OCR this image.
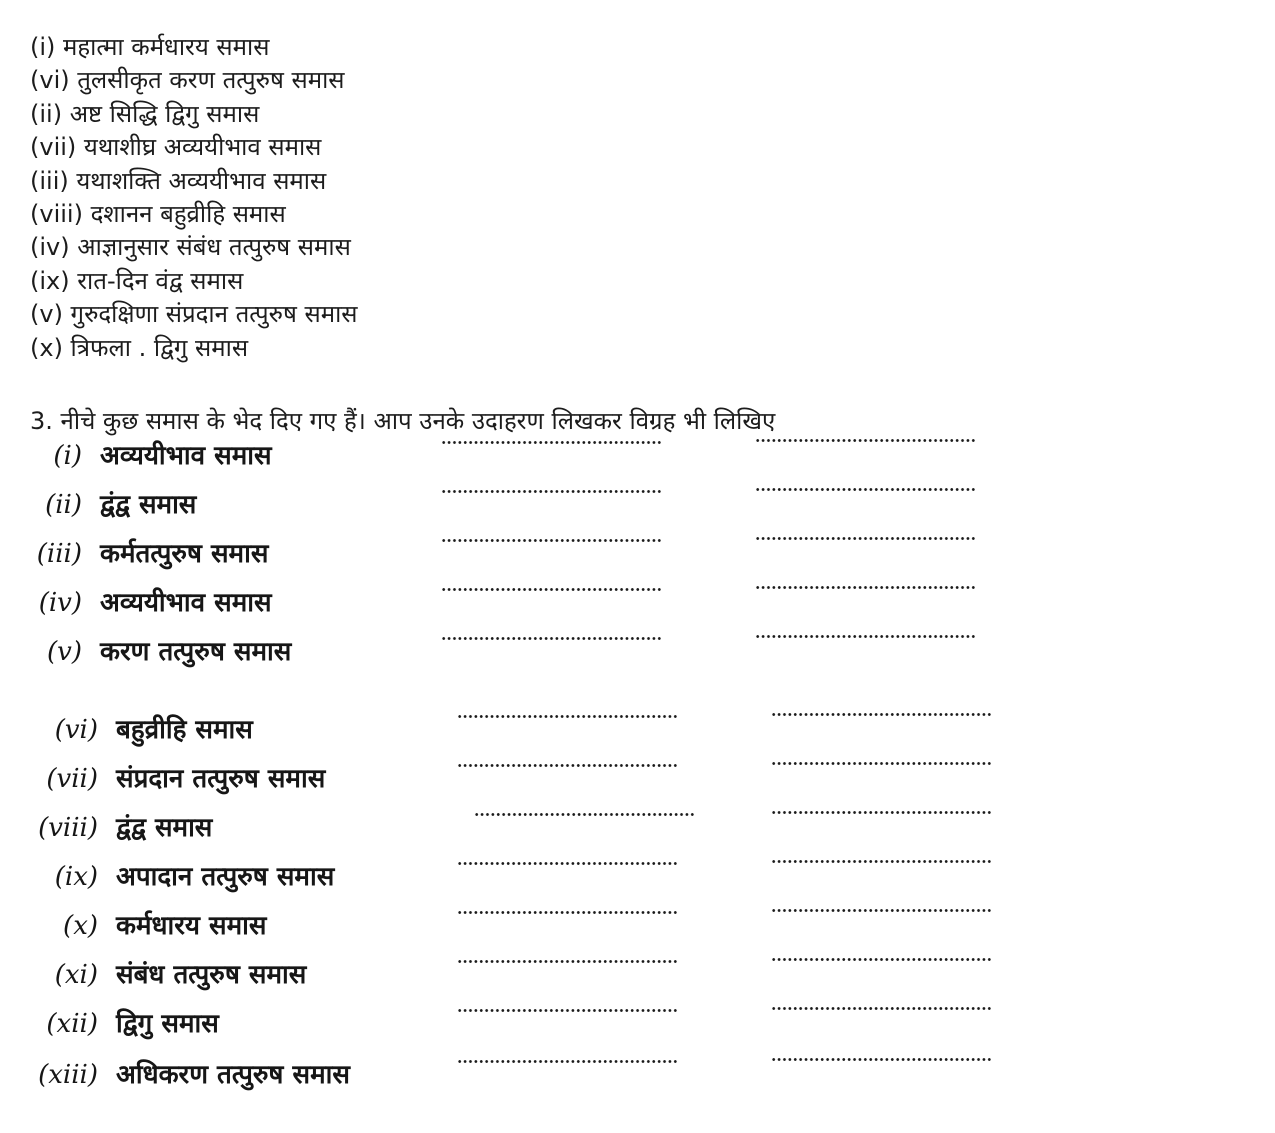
(i) महात्मा कर्मधारय समास
(vi) तुलसीकृत करण तत्पुरुष समास
(ii) अष्ट सिद्धि द्विगु समास
(vii) यथाशीघ्र अव्ययीभाव समास
(iii) यथाशक्ति अव्ययीभाव समास
(viii) दशानन बहुव्रीहि समास
(iv) आज्ञानुसार संबंध तत्पुरुष समास
(ix) रात-दिन वंद्व समास
(v) गुरुदक्षिणा संप्रदान तत्पुरुष समास
(x) त्रिफला . द्विगु समास
3. नीचे कुछ समास के भेद दिए गए हैं। आप उनके उदाहरण लिखकर विग्रह भी लिखिए
(i) अव्ययीभाव समास
(ii) द्वंद्व समास
(iii) कर्मतत्पुरुष समास
(iv) अव्ययीभाव समास
(v) करण तत्पुरुष समास
(vi) बहुव्रीहि समास
(vii) संप्रदान तत्पुरुष समास
(viii) द्वंद्व समास
(ix) अपादान तत्पुरुष समास
(x) कर्मधारय समास
(xi) संबंध तत्पुरुष समास
(xii) द्विगु समास
(xiii) अधिकरण तत्पुरुष समास
